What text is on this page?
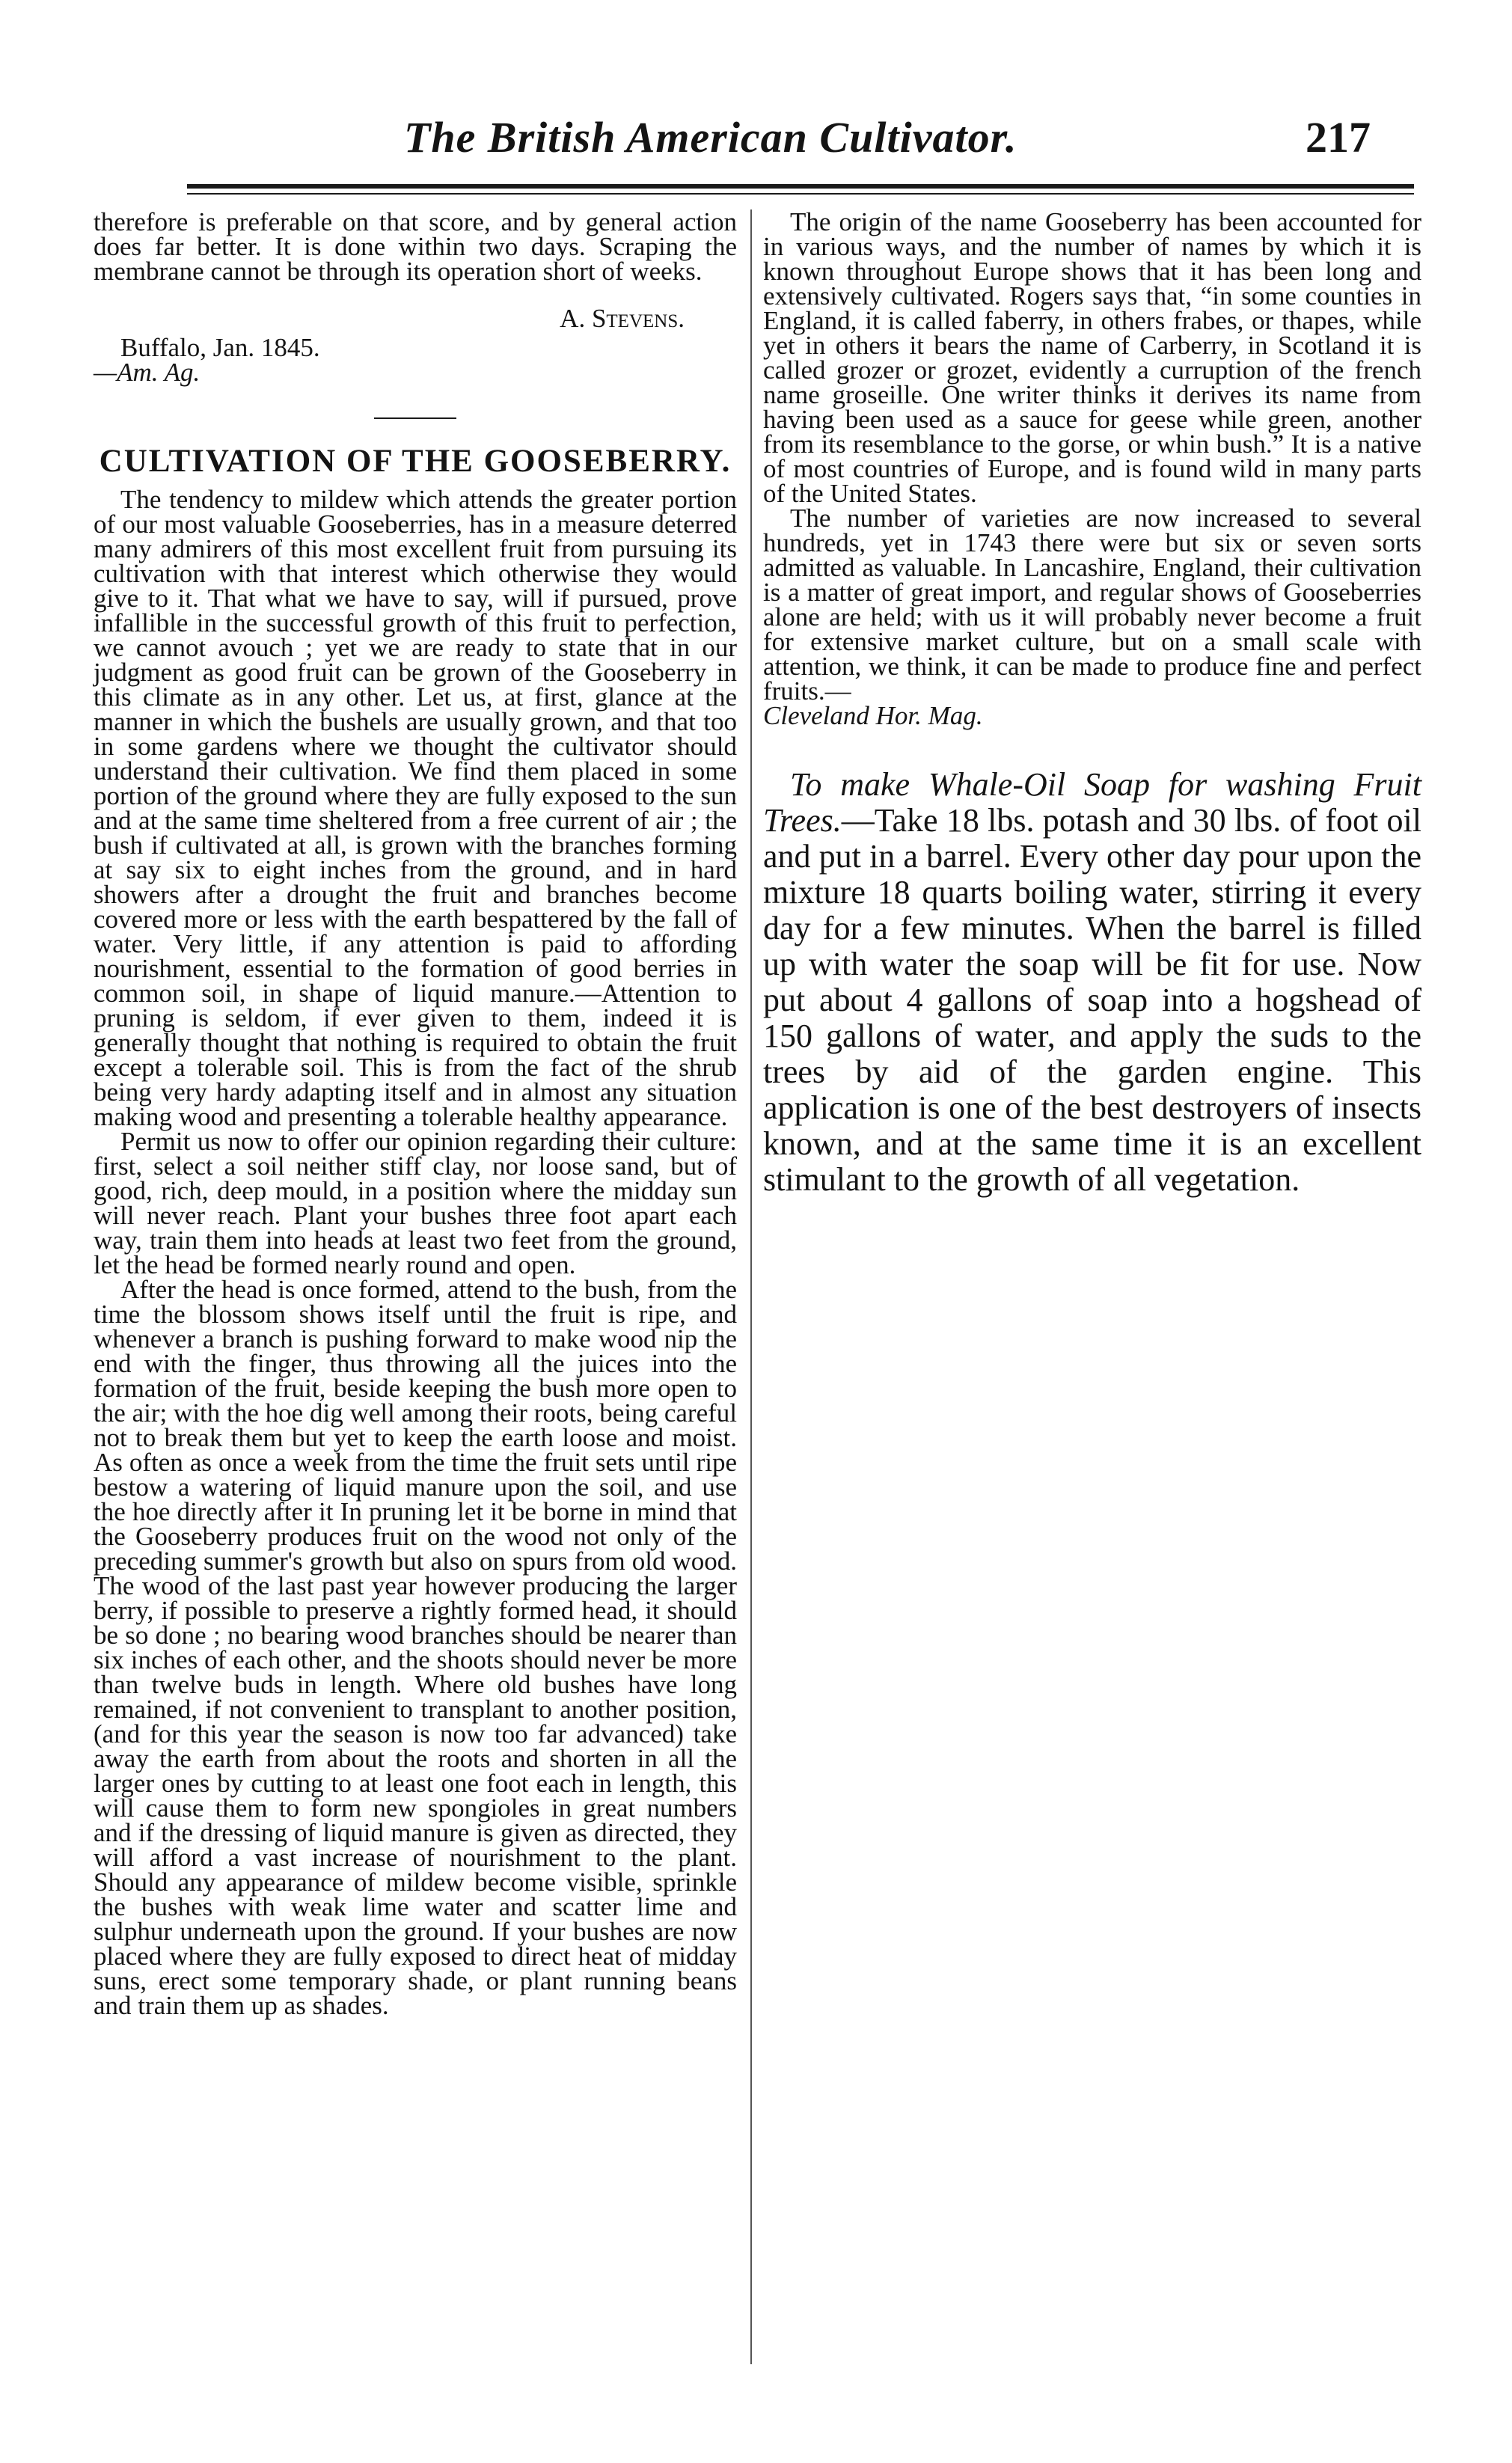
The British American Cultivator.	217

therefore is preferable on that score, and by general action does far better. It is done within two days. Scraping the membrane cannot be through its operation short of weeks.

A. Stevens.

Buffalo, Jan. 1845.

—Am. Ag.

CULTIVATION OF THE GOOSEBERRY.

The tendency to mildew which attends the greater portion of our most valuable Gooseberries, has in a measure deterred many admirers of this most excellent fruit from pursuing its cultivation with that interest which otherwise they would give to it. That what we have to say, will if pursued, prove infallible in the successful growth of this fruit to perfection, we cannot avouch ; yet we are ready to state that in our judgment as good fruit can be grown of the Gooseberry in this climate as in any other. Let us, at first, glance at the manner in which the bushels are usually grown, and that too in some gardens where we thought the cultivator should understand their cultivation. We find them placed in some portion of the ground where they are fully exposed to the sun and at the same time sheltered from a free current of air ; the bush if cultivated at all, is grown with the branches forming at say six to eight inches from the ground, and in hard showers after a drought the fruit and branches become covered more or less with the earth bespattered by the fall of water. Very little, if any attention is paid to affording nourishment, essential to the formation of good berries in common soil, in shape of liquid manure.—Attention to pruning is seldom, if ever given to them, indeed it is generally thought that nothing is required to obtain the fruit except a tolerable soil. This is from the fact of the shrub being very hardy adapting itself and in almost any situation making wood and presenting a tolerable healthy appearance.

Permit us now to offer our opinion regarding their culture: first, select a soil neither stiff clay, nor loose sand, but of good, rich, deep mould, in a position where the midday sun will never reach. Plant your bushes three foot apart each way, train them into heads at least two feet from the ground, let the head be formed nearly round and open.

After the head is once formed, attend to the bush, from the time the blossom shows itself until the fruit is ripe, and whenever a branch is pushing forward to make wood nip the end with the finger, thus throwing all the juices into the formation of the fruit, beside keeping the bush more open to the air; with the hoe dig well among their roots, being careful not to break them but yet to keep the earth loose and moist. As often as once a week from the time the fruit sets until ripe bestow a watering of liquid manure upon the soil, and use the hoe directly after it In pruning let it be borne in mind that the Gooseberry produces fruit on the wood not only of the preceding summer's growth but also on spurs from old wood. The wood of the last past year however producing the larger berry, if possible to preserve a rightly formed head, it should be so done ; no bearing wood branches should be nearer than six inches of each other, and the shoots should never be more than twelve buds in length. Where old bushes have long remained, if not convenient to transplant to another position, (and for this year the season is now too far advanced) take away the earth from about the roots and shorten in all the larger ones by cutting to at least one foot each in length, this will cause them to form new spongioles in great numbers and if the dressing of liquid manure is given as directed, they will afford a vast increase of nourishment to the plant. Should any appearance of mildew become visible, sprinkle the bushes with weak lime water and scatter lime and sulphur underneath upon the ground. If your bushes are now placed where they are fully exposed to direct heat of midday suns, erect some temporary shade, or plant running beans and train them up as shades.

The origin of the name Gooseberry has been accounted for in various ways, and the number of names by which it is known throughout Europe shows that it has been long and extensively cultivated. Rogers says that, “in some counties in England, it is called faberry, in others frabes, or thapes, while yet in others it bears the name of Carberry, in Scotland it is called grozer or grozet, evidently a curruption of the french name groseille. One writer thinks it derives its name from having been used as a sauce for geese while green, another from its resemblance to the gorse, or whin bush.” It is a native of most countries of Europe, and is found wild in many parts of the United States.

The number of varieties are now increased to several hundreds, yet in 1743 there were but six or seven sorts admitted as valuable. In Lancashire, England, their cultivation is a matter of great import, and regular shows of Gooseberries alone are held; with us it will probably never become a fruit for extensive market culture, but on a small scale with attention, we think, it can be made to produce fine and perfect fruits.—

Cleveland Hor. Mag.

To make Whale-Oil Soap for washing Fruit Trees.—Take 18 lbs. potash and 30 lbs. of foot oil and put in a barrel. Every other day pour upon the mixture 18 quarts boiling water, stirring it every day for a few minutes. When the barrel is filled up with water the soap will be fit for use. Now put about 4 gallons of soap into a hogshead of 150 gallons of water, and apply the suds to the trees by aid of the garden engine. This application is one of the best destroyers of insects known, and at the same time it is an excellent stimulant to the growth of all vegetation.
